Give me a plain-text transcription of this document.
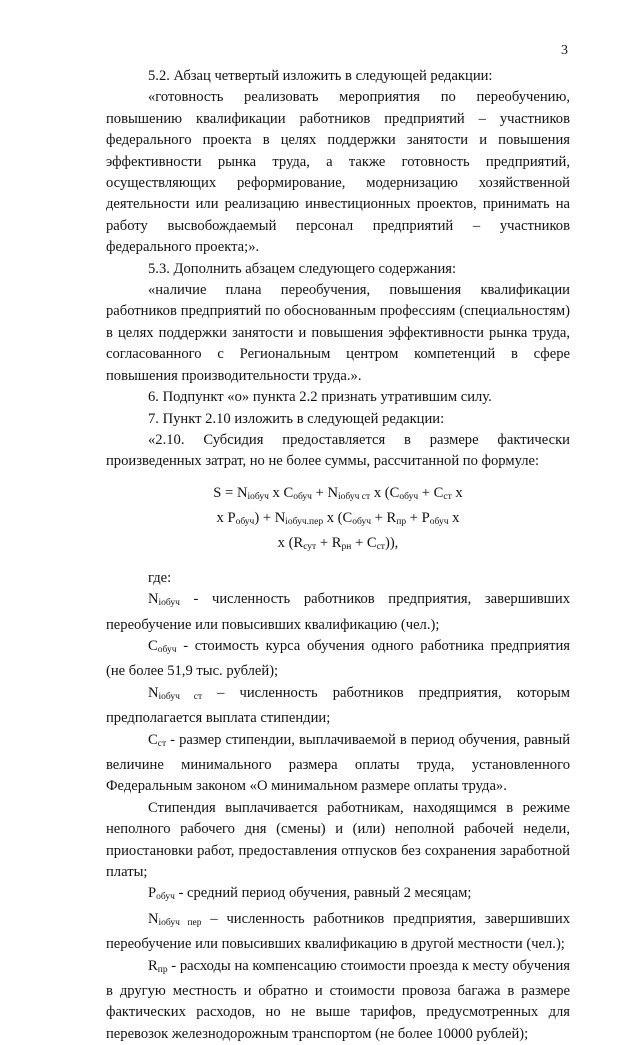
3

5.2. Абзац четвертый изложить в следующей редакции:

«готовность реализовать мероприятия по переобучению, повышению квалификации работников предприятий – участников федерального проекта в целях поддержки занятости и повышения эффективности рынка труда, а также готовность предприятий, осуществляющих реформирование, модернизацию хозяйственной деятельности или реализацию инвестиционных проектов, принимать на работу высвобождаемый персонал предприятий – участников федерального проекта;».

5.3. Дополнить абзацем следующего содержания:

«наличие плана переобучения, повышения квалификации работников предприятий по обоснованным профессиям (специальностям) в целях поддержки занятости и повышения эффективности рынка труда, согласованного с Региональным центром компетенций в сфере повышения производительности труда.».

6. Подпункт «о» пункта 2.2 признать утратившим силу.

7. Пункт 2.10 изложить в следующей редакции:

«2.10. Субсидия предоставляется в размере фактически произведенных затрат, но не более суммы, рассчитанной по формуле:

$S = N_{iобуч}$ x $C_{обуч} + N_{iобуч ст}$ x ($C_{обуч} + C_{ст}$ x
x $P_{обуч}) + N_{iобуч.пер}$ x ($C_{обуч} + R_{пр} + P_{обуч}$ x
x $(R_{сут} + R_{рн} + C_{ст})$),

где:

$N_{iобуч}$ - численность работников предприятия, завершивших переобучение или повысивших квалификацию (чел.);

$C_{обуч}$ - стоимость курса обучения одного работника предприятия (не более 51,9 тыс. рублей);

$N_{iобуч ст}$ – численность работников предприятия, которым предполагается выплата стипендии;

$C_{ст}$ - размер стипендии, выплачиваемой в период обучения, равный величине минимального размера оплаты труда, установленного Федеральным законом «О минимальном размере оплаты труда».

Стипендия выплачивается работникам, находящимся в режиме неполного рабочего дня (смены) и (или) неполной рабочей недели, приостановки работ, предоставления отпусков без сохранения заработной платы;

$P_{обуч}$ - средний период обучения, равный 2 месяцам;

$N_{iобуч пер}$ – численность работников предприятия, завершивших переобучение или повысивших квалификацию в другой местности (чел.);

$R_{пр}$ - расходы на компенсацию стоимости проезда к месту обучения в другую местность и обратно и стоимости провоза багажа в размере фактических расходов, но не выше тарифов, предусмотренных для перевозок железнодорожным транспортом (не более 10000 рублей);
